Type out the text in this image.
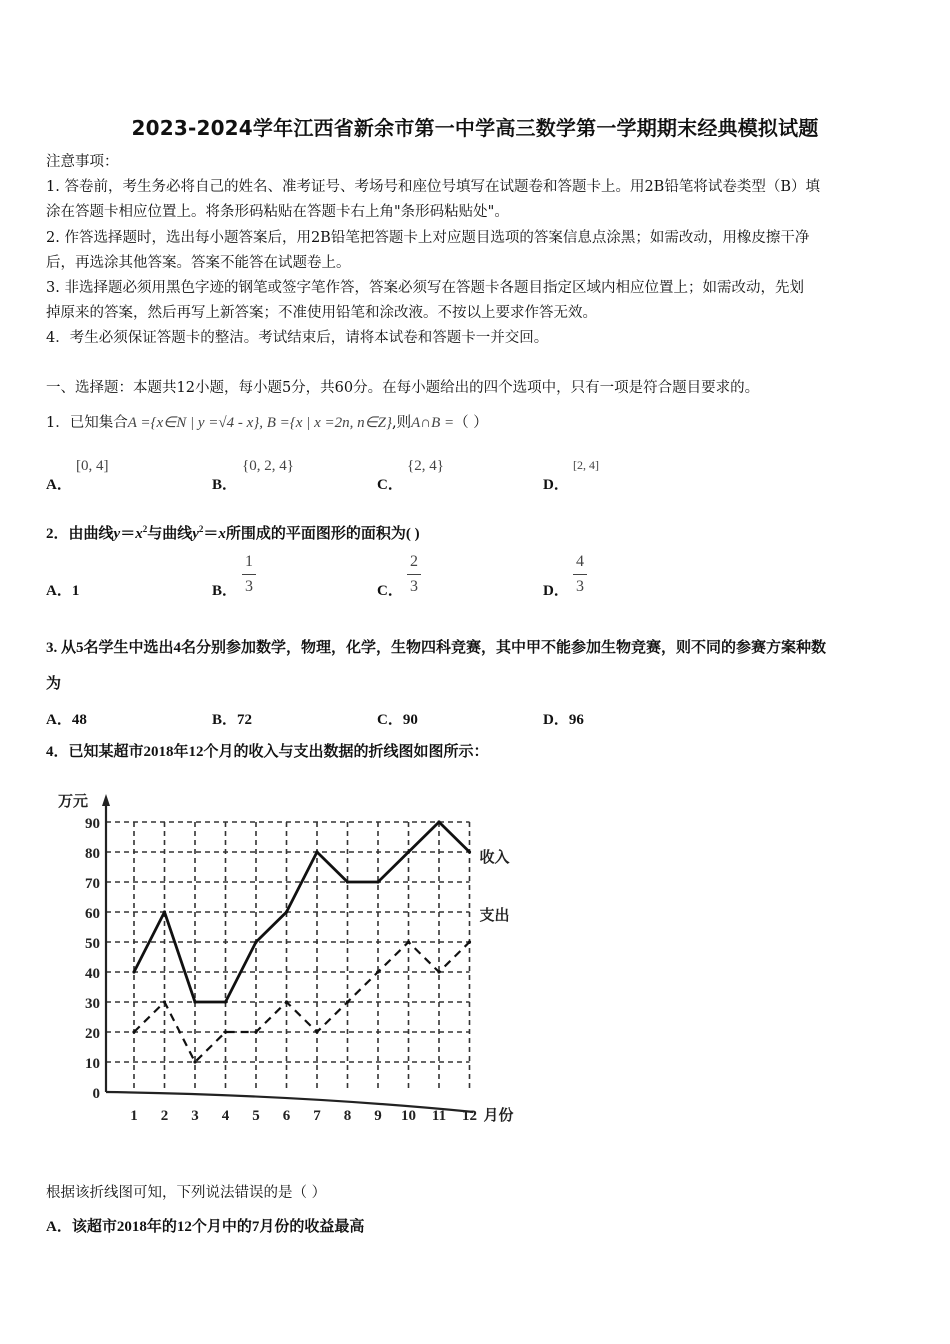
2023-2024学年江西省新余市第一中学高三数学第一学期期末经典模拟试题
注意事项：
1. 答卷前，考生务必将自己的姓名、准考证号、考场号和座位号填写在试题卷和答题卡上。用2B铅笔将试卷类型（B）填
涂在答题卡相应位置上。将条形码粘贴在答题卡右上角"条形码粘贴处"。
2. 作答选择题时，选出每小题答案后，用2B铅笔把答题卡上对应题目选项的答案信息点涂黑；如需改动，用橡皮擦干净
后，再选涂其他答案。答案不能答在试题卷上。
3. 非选择题必须用黑色字迹的钢笔或签字笔作答，答案必须写在答题卡各题目指定区域内相应位置上；如需改动，先划
掉原来的答案，然后再写上新答案；不准使用铅笔和涂改液。不按以上要求作答无效。
4．考生必须保证答题卡的整洁。考试结束后，请将本试卷和答题卡一并交回。
一、选择题：本题共12小题，每小题5分，共60分。在每小题给出的四个选项中，只有一项是符合题目要求的。
1．已知集合A ={x∈N | y =√4 - x}, B ={x | x =2n, n∈Z},则A∩B =（ ）
A．
[0, 4]
B．
{0, 2, 4}
C．
{2, 4}
D．
[2, 4]
2．由曲线$y=x^2$与曲线$y^2=x$所围成的平面图形的面积为( )
A．1	B．
1
3	C．
2
3	D．
4
3
3. 从5名学生中选出4名分别参加数学，物理，化学，生物四科竞赛，其中甲不能参加生物竞赛，则不同的参赛方案种数
为
A．48	B．72	C．90	D．96
4．已知某超市2018年12个月的收入与支出数据的折线图如图所示：
0
10
20
30
40
50
60
70
80
90
1 2 3 4 5 6 7 8 9 10 11 12
万元
月份
收入
支出
根据该折线图可知，下列说法错误的是（ ）
A．该超市2018年的12个月中的7月份的收益最高
